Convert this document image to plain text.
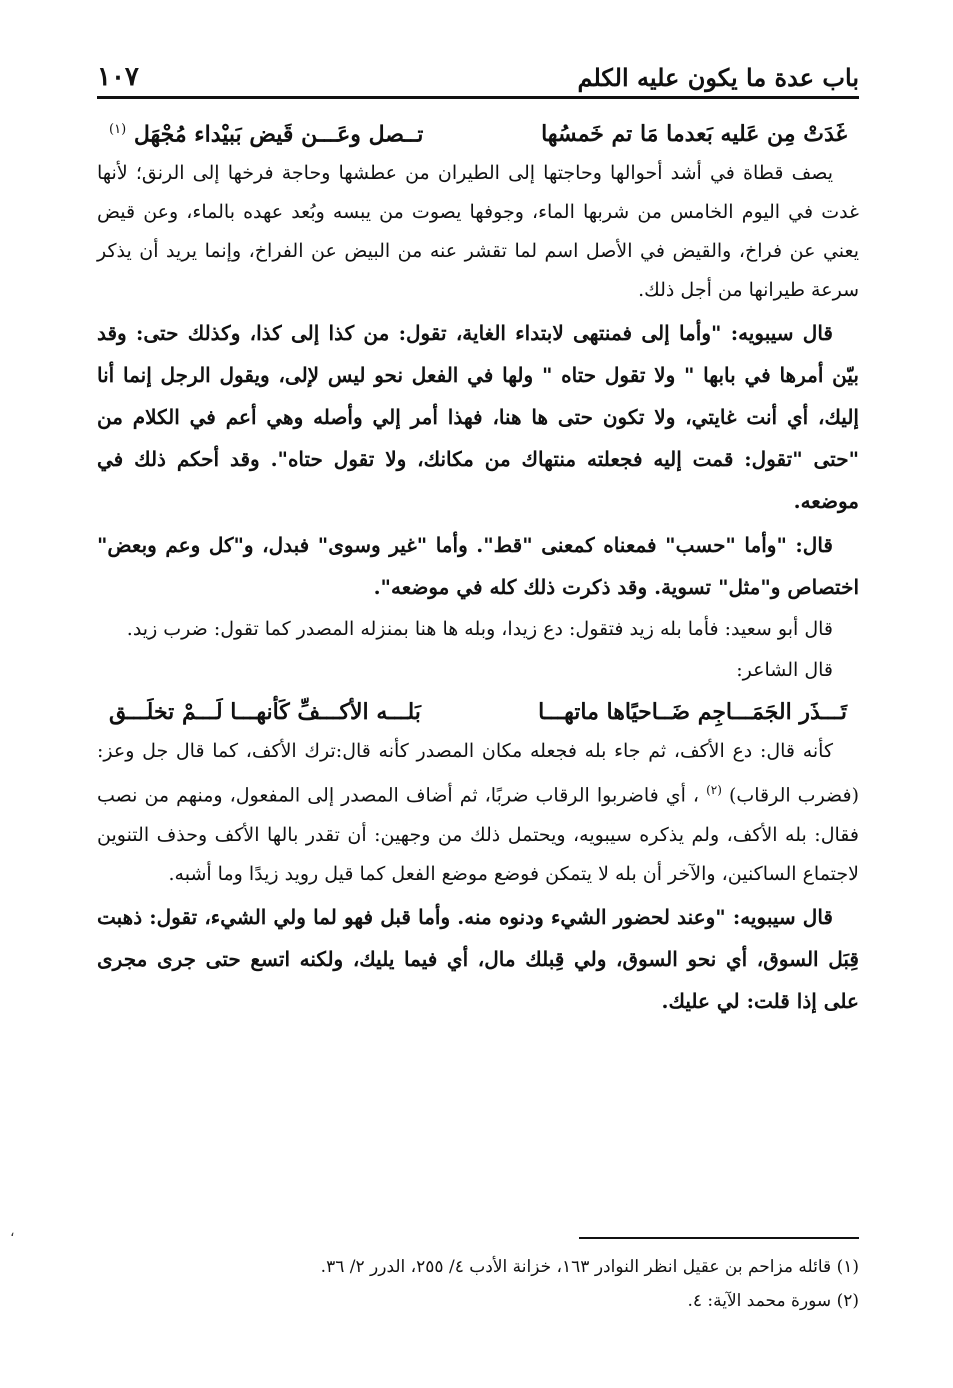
باب عدة ما يكون عليه الكلم
١٠٧
غَدَتْ مِن عَليه بَعدما مَا تم خَمسُها
تــصل وعَـــن قَيض بَبيْداء مُجْهَل $^{(١)}$

يصف قطاة في أشد أحوالها وحاجتها إلى الطيران من عطشها وحاجة فرخها إلى الرنق؛ لأنها غدت في اليوم الخامس من شربها الماء، وجوفها يصوت من يبسه وبُعد عهده بالماء، وعن قيض يعني عن فراخ، والقيض في الأصل اسم لما تقشر عنه من البيض عن الفراخ، وإنما يريد أن يذكر سرعة طيرانها من أجل ذلك.

قال سيبويه: "وأما إلى فمنتهى لابتداء الغاية، تقول: من كذا إلى كذا، وكذلك حتى: وقد بيّن أمرها في بابها " ولا تقول حتاه " ولها في الفعل نحو ليس لإلى، ويقول الرجل إنما أنا إليك، أي أنت غايتي، ولا تكون حتى ها هنا، فهذا أمر إلي وأصله وهي أعم في الكلام من "حتى "تقول: قمت إليه فجعلته منتهاك من مكانك، ولا تقول حتاه". وقد أحكم ذلك في موضعه.

قال: "وأما "حسب" فمعناه كمعنى "قط". وأما "غير وسوى" فبدل، و"كل وعم وبعض" اختصاص و"مثل" تسوية. وقد ذكرت ذلك كله في موضعه".

قال أبو سعيد: فأما بله زيد فتقول: دع زيدا، وبله ها هنا بمنزله المصدر كما تقول: ضرب زيد.

قال الشاعر:

تَـــذَر الجَمَـــاجِم ضَــاحيًاها ماتهـــا
بَلـــه الأكـــفِّ كَأنهـــا لَـــمْ تخلَـــق

كأنه قال: دع الأكف، ثم جاء بله فجعله مكان المصدر كأنه قال:ترك الأكف، كما قال جل وعز: (فضرب الرقاب) $^{(٢)}$ ، أي فاضربوا الرقاب ضربًا، ثم أضاف المصدر إلى المفعول، ومنهم من نصب فقال: بله الأكف، ولم يذكره سيبويه، ويحتمل ذلك من وجهين: أن تقدر بالها الأكف وحذف التنوين لاجتماع الساكنين، والآخر أن بله لا يتمكن فوضع موضع الفعل كما قيل رويد زيدًا وما أشبه.

قال سيبويه: "وعند لحضور الشيء ودنوه منه. وأما قبل فهو لما ولي الشيء، تقول: ذهبت قِبَل السوق، أي نحو السوق، ولي قِبلك مال، أي فيما يليك، ولكنه اتسع حتى جرى مجرى على إذا قلت: لي عليك.

(١) قائله مزاحم بن عقيل انظر النوادر ١٦٣، خزانة الأدب ٤/ ٢٥٥، الدرر ٢/ ٣٦.
(٢) سورة محمد الآية: ٤.
،
